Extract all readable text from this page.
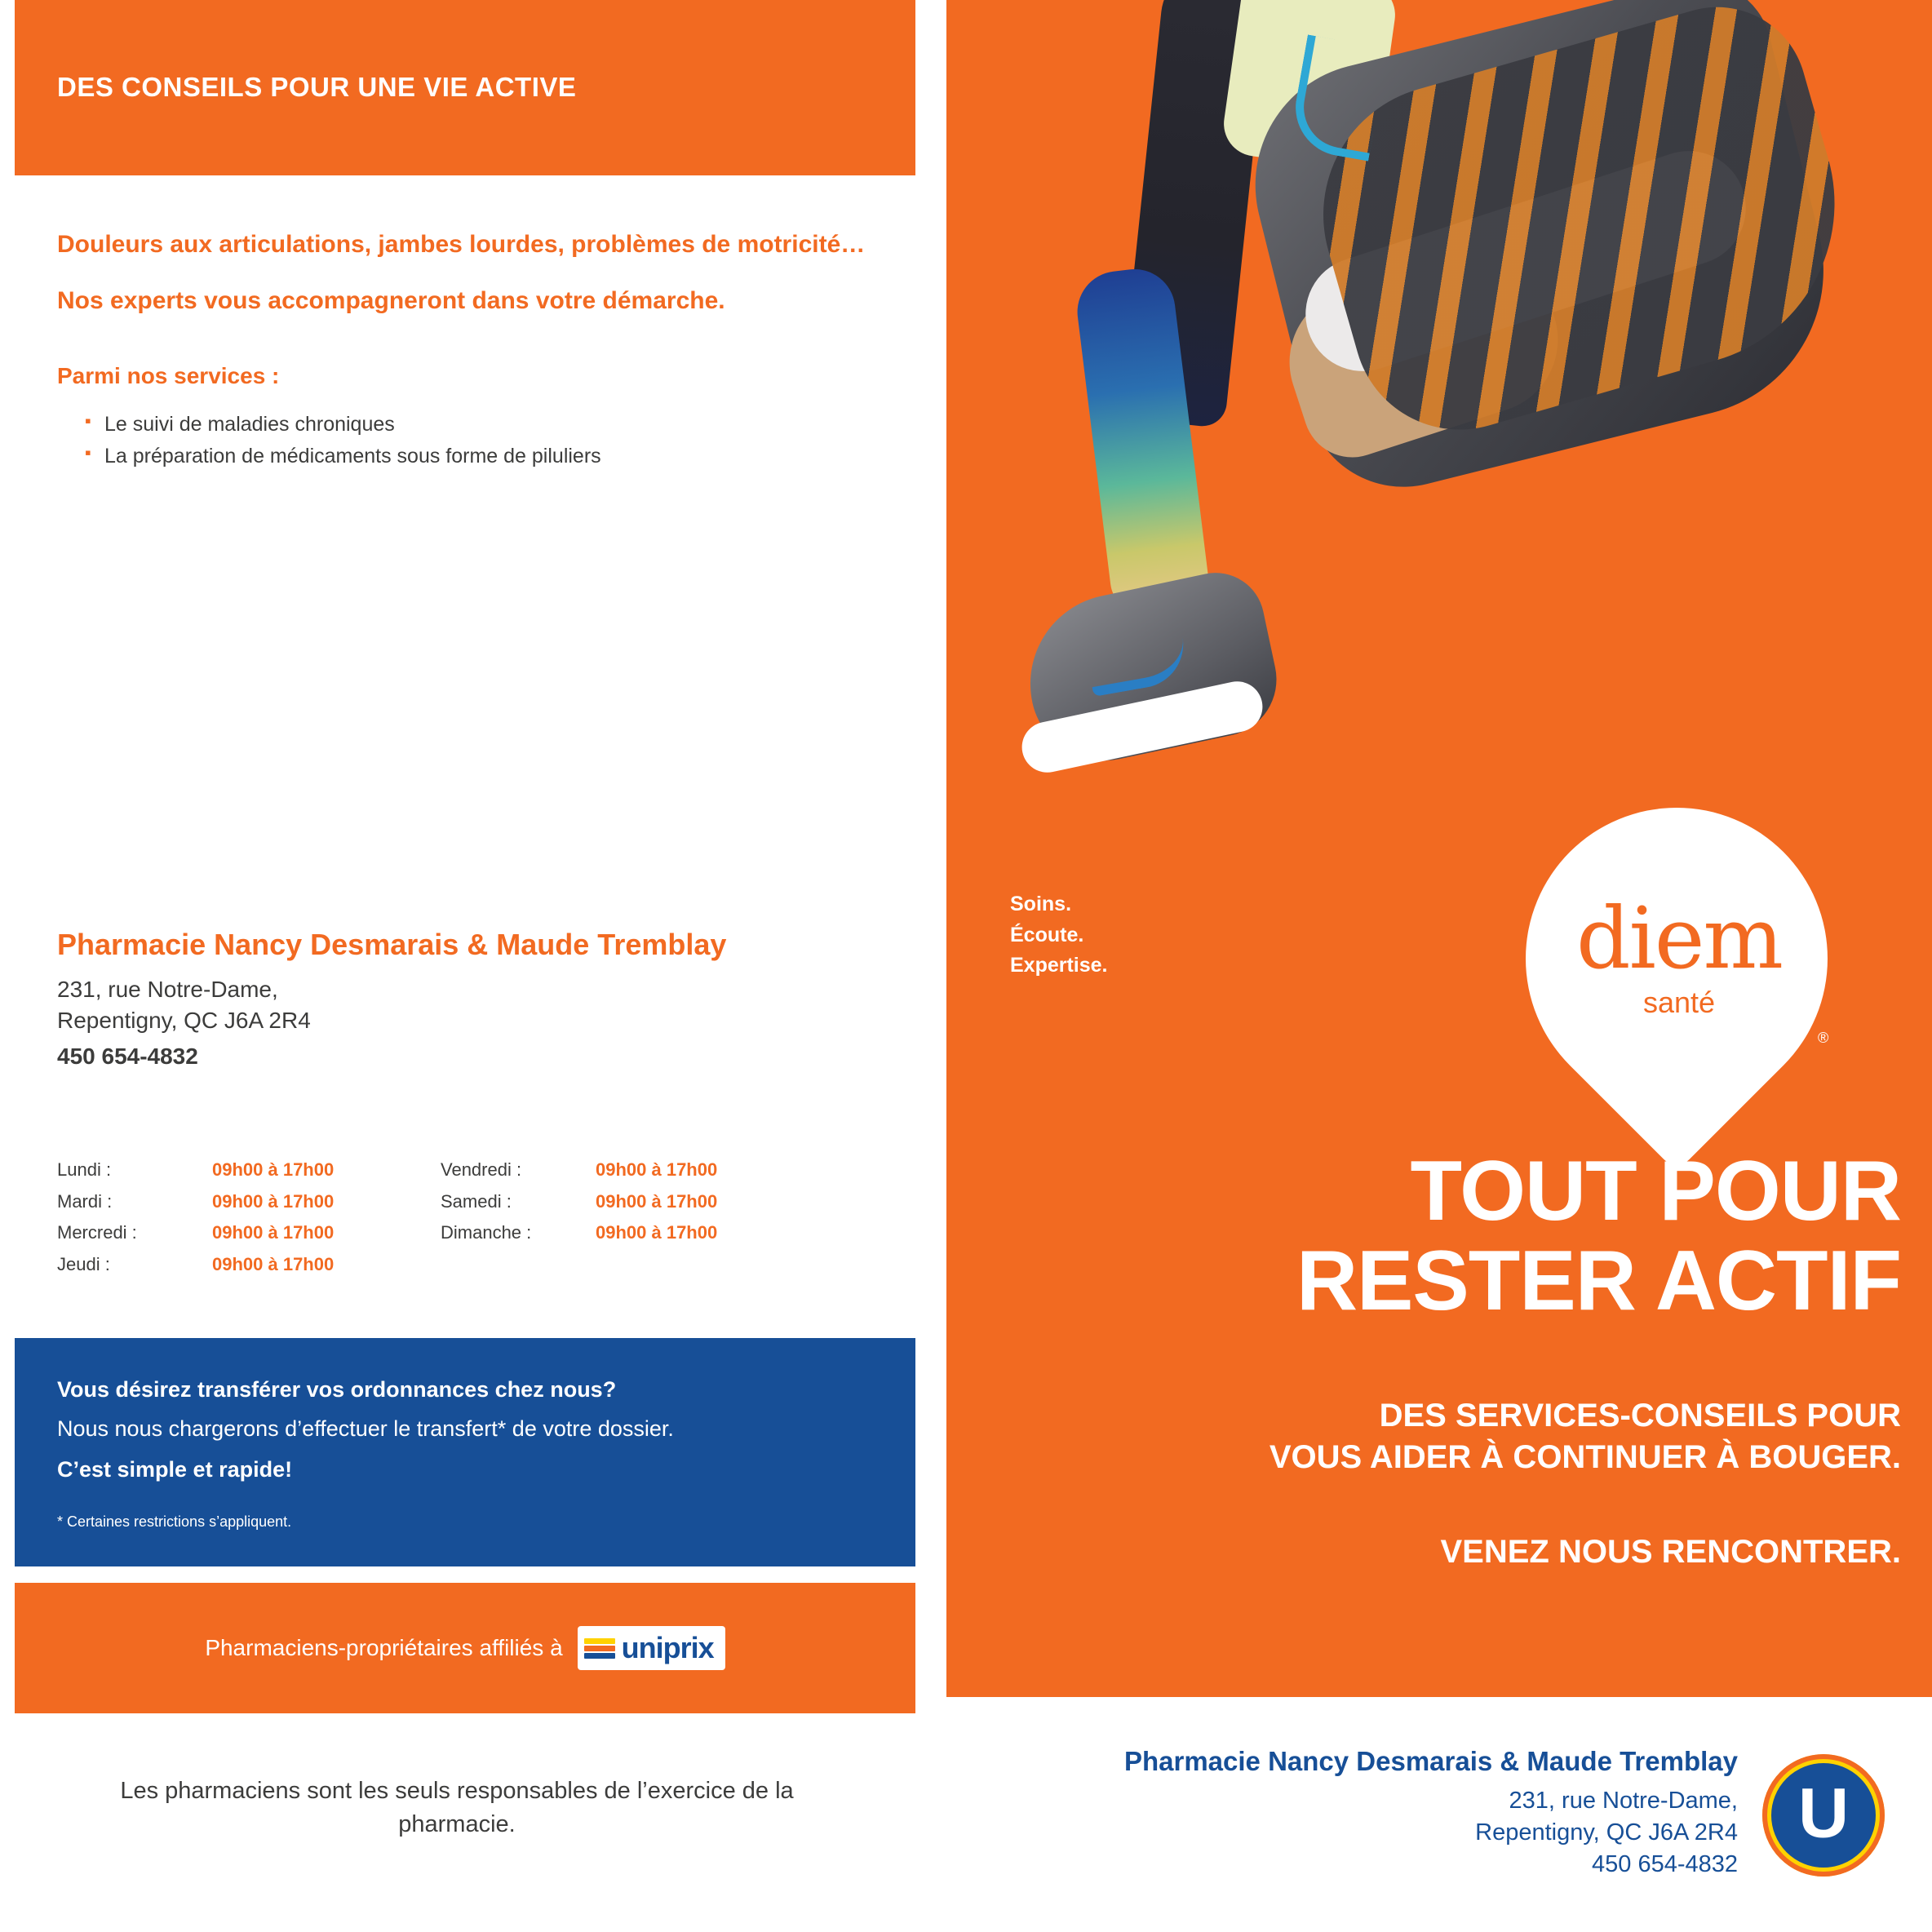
DES CONSEILS POUR UNE VIE ACTIVE

Douleurs aux articulations, jambes lourdes, problèmes de motricité…

Nos experts vous accompagneront dans votre démarche.

Parmi nos services :

▪ Le suivi de maladies chroniques
▪ La préparation de médicaments sous forme de piluliers
Pharmacie Nancy Desmarais & Maude Tremblay
231, rue Notre-Dame,
Repentigny, QC J6A 2R4
450 654-4832
Lundi :	09h00 à 17h00
Mardi :	09h00 à 17h00
Mercredi :	09h00 à 17h00
Jeudi :	09h00 à 17h00
Vendredi :	09h00 à 17h00
Samedi :	09h00 à 17h00
Dimanche :	09h00 à 17h00
Vous désirez transférer vos ordonnances chez nous?
Nous nous chargerons d’effectuer le transfert* de votre dossier.
C’est simple et rapide!
* Certaines restrictions s’appliquent.
Pharmaciens-propriétaires affiliés à uniprix
Les pharmaciens sont les seuls responsables de l’exercice de la pharmacie.
Soins.
Écoute.
Expertise.	diem
santé
®
TOUT POUR
RESTER ACTIF
DES SERVICES-CONSEILS POUR
VOUS AIDER À CONTINUER À BOUGER.
VENEZ NOUS RENCONTRER.
Pharmacie Nancy Desmarais & Maude Tremblay
231, rue Notre-Dame,
Repentigny, QC J6A 2R4
450 654-4832
U
